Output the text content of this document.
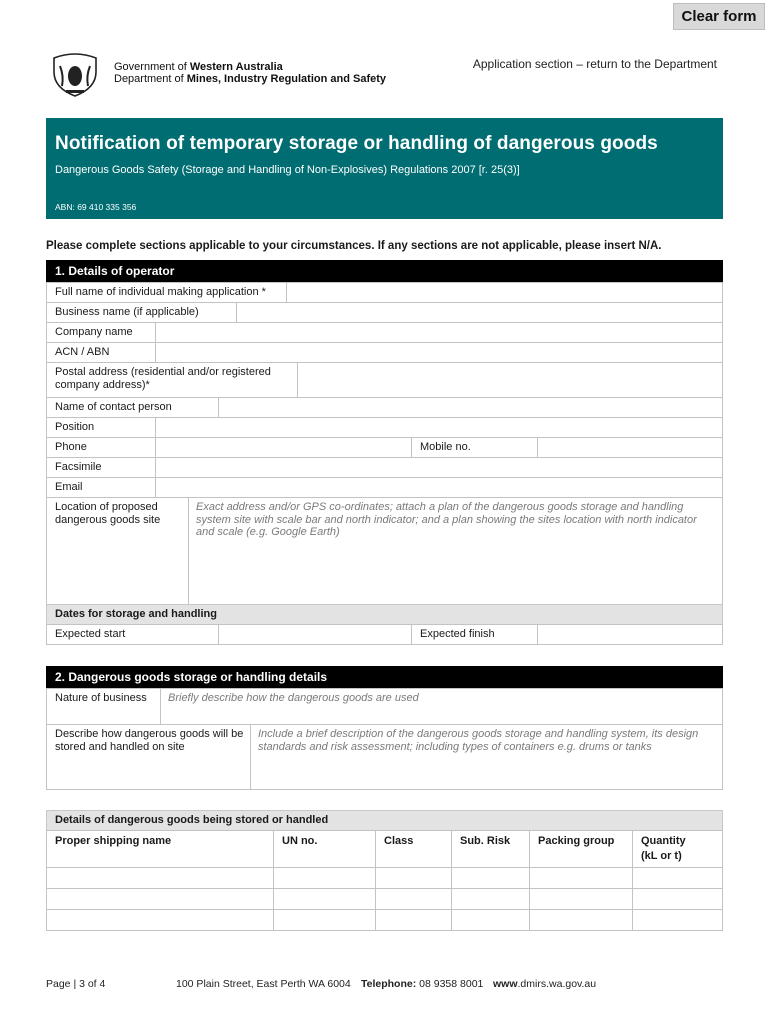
Clear form
Application section – return to the Department
Government of Western Australia
Department of Mines, Industry Regulation and Safety
Notification of temporary storage or handling of dangerous goods
Dangerous Goods Safety (Storage and Handling of Non-Explosives) Regulations 2007 [r. 25(3)]
ABN: 69 410 335 356
Please complete sections applicable to your circumstances. If any sections are not applicable, please insert N/A.
1. Details of operator
Full name of individual making application *
Business name (if applicable)
Company name
ACN / ABN
Postal address (residential and/or registered company address)*
Name of contact person
Position
Phone	Mobile no.
Facsimile
Email
Location of proposed dangerous goods site
Exact address and/or GPS co-ordinates; attach a plan of the dangerous goods storage and handling system site with scale bar and north indicator; and a plan showing the sites location with north indicator and scale (e.g. Google Earth)
Dates for storage and handling
Expected start	Expected finish
2. Dangerous goods storage or handling details
Nature of business	Briefly describe how the dangerous goods are used
Describe how dangerous goods will be stored and handled on site
Include a brief description of the dangerous goods storage and handling system, its design standards and risk assessment; including types of containers e.g. drums or tanks
Details of dangerous goods being stored or handled
Proper shipping name	UN no.	Class	Sub. Risk	Packing group	Quantity (kL or t)
Page | 3 of 4	100 Plain Street, East Perth WA 6004 Telephone: 08 9358 8001 www.dmirs.wa.gov.au
